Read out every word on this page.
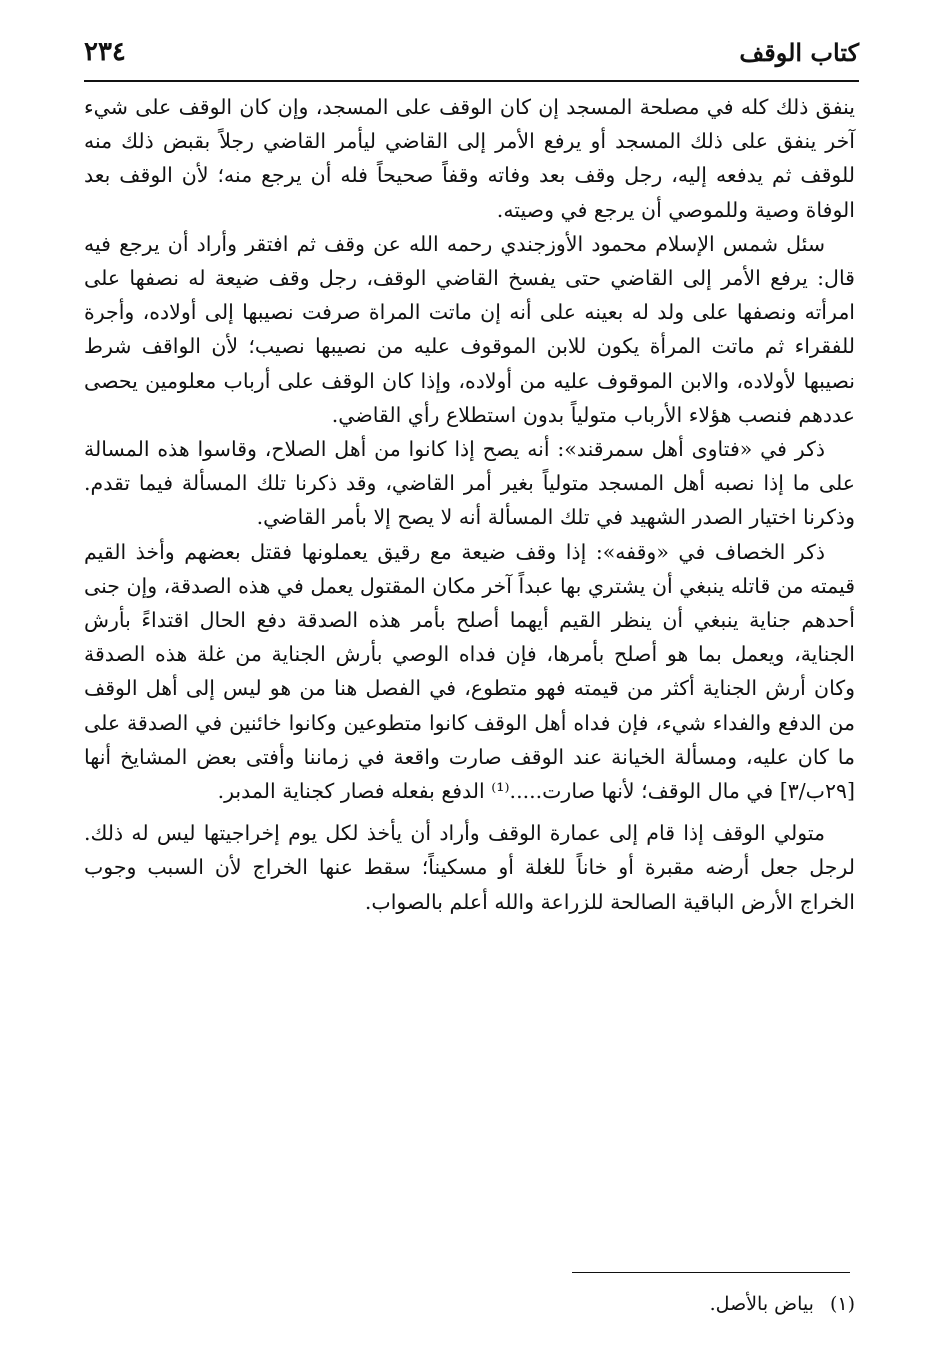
كتاب الوقف
٢٣٤

ينفق ذلك كله في مصلحة المسجد إن كان الوقف على المسجد، وإن كان الوقف على شيء آخر ينفق على ذلك المسجد أو يرفع الأمر إلى القاضي ليأمر القاضي رجلاً بقبض ذلك منه للوقف ثم يدفعه إليه، رجل وقف بعد وفاته وقفاً صحيحاً فله أن يرجع منه؛ لأن الوقف بعد الوفاة وصية وللموصي أن يرجع في وصيته.

سئل شمس الإسلام محمود الأوزجندي رحمه الله عن وقف ثم افتقر وأراد أن يرجع فيه قال: يرفع الأمر إلى القاضي حتى يفسخ القاضي الوقف، رجل وقف ضيعة له نصفها على امرأته ونصفها على ولد له بعينه على أنه إن ماتت المراة صرفت نصيبها إلى أولاده، وأجرة للفقراء ثم ماتت المرأة يكون للابن الموقوف عليه من نصيبها نصيب؛ لأن الواقف شرط نصيبها لأولاده، والابن الموقوف عليه من أولاده، وإذا كان الوقف على أرباب معلومين يحصى عددهم فنصب هؤلاء الأرباب متولياً بدون استطلاع رأي القاضي.

ذكر في «فتاوى أهل سمرقند»: أنه يصح إذا كانوا من أهل الصلاح، وقاسوا هذه المسالة على ما إذا نصبه أهل المسجد متولياً بغير أمر القاضي، وقد ذكرنا تلك المسألة فيما تقدم. وذكرنا اختيار الصدر الشهيد في تلك المسألة أنه لا يصح إلا بأمر القاضي.

ذكر الخصاف في «وقفه»: إذا وقف ضيعة مع رقيق يعملونها فقتل بعضهم وأخذ القيم قيمته من قاتله ينبغي أن يشتري بها عبداً آخر مكان المقتول يعمل في هذه الصدقة، وإن جنى أحدهم جناية ينبغي أن ينظر القيم أيهما أصلح بأمر هذه الصدقة دفع الحال اقتداءً بأرش الجناية، ويعمل بما هو أصلح بأمرها، فإن فداه الوصي بأرش الجناية من غلة هذه الصدقة وكان أرش الجناية أكثر من قيمته فهو متطوع، في الفصل هنا من هو ليس إلى أهل الوقف من الدفع والفداء شيء، فإن فداه أهل الوقف كانوا متطوعين وكانوا خائنين في الصدقة على ما كان عليه، ومسألة الخيانة عند الوقف صارت واقعة في زماننا وأفتى بعض المشايخ أنها [٢٩ب/٣] في مال الوقف؛ لأنها صارت.....⁽¹⁾ الدفع بفعله فصار كجناية المدبر.

متولي الوقف إذا قام إلى عمارة الوقف وأراد أن يأخذ لكل يوم إخراجيتها ليس له ذلك. لرجل جعل أرضه مقبرة أو خاناً للغلة أو مسكيناً؛ سقط عنها الخراج لأن السبب وجوب الخراج الأرض الباقية الصالحة للزراعة والله أعلم بالصواب.

(١)بياض بالأصل.
